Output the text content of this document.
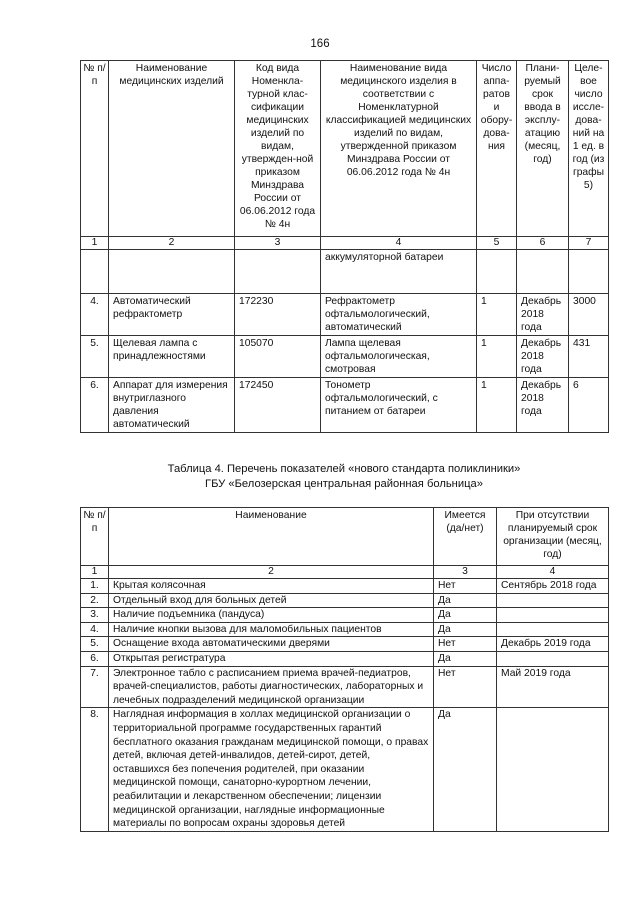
166
№ п/п	Наименование медицинских изделий	Код вида Номенкла-турной клас-сификации медицинских изделий по видам, утвержден-ной приказом Минздрава России от 06.06.2012 года № 4н	Наименование вида медицинского изделия в соответствии с Номенклатурной классификацией медицинских изделий по видам, утвержденной приказом Минздрава России от 06.06.2012 года № 4н	Число аппа-ратов и обору-дова-ния	Плани-руемый срок ввода в эксплу-атацию (месяц, год)	Целе-вое число иссле-дова-ний на 1 ед. в год (из графы 5)
1	2	3	4	5	6	7
			аккумуляторной батареи			
4.	Автоматический рефрактометр	172230	Рефрактометр офтальмологический, автоматический	1	Декабрь 2018 года	3000
5.	Щелевая лампа с принадлежностями	105070	Лампа щелевая офтальмологическая, смотровая	1	Декабрь 2018 года	431
6.	Аппарат для измерения внутриглазного давления автоматический	172450	Тонометр офтальмологический, с питанием от батареи	1	Декабрь 2018 года	6
Таблица 4. Перечень показателей «нового стандарта поликлиники»
ГБУ «Белозерская центральная районная больница»
№ п/п	Наименование	Имеется (да/нет)	При отсутствии планируемый срок организации (месяц, год)
1	2	3	4
1.	Крытая колясочная	Нет	Сентябрь 2018 года
2.	Отдельный вход для больных детей	Да	
3.	Наличие подъемника (пандуса)	Да	
4.	Наличие кнопки вызова для маломобильных пациентов	Да	
5.	Оснащение входа автоматическими дверями	Нет	Декабрь 2019 года
6.	Открытая регистратура	Да	
7.	Электронное табло с расписанием приема врачей-педиатров, врачей-специалистов, работы диагностических, лабораторных и лечебных подразделений медицинской организации	Нет	Май 2019 года
8.	Наглядная информация в холлах медицинской организации о территориальной программе государственных гарантий бесплатного оказания гражданам медицинской помощи, о правах детей, включая детей-инвалидов, детей-сирот, детей, оставшихся без попечения родителей, при оказании медицинской помощи, санаторно-курортном лечении, реабилитации и лекарственном обеспечении; лицензии медицинской организации, наглядные информационные материалы по вопросам охраны здоровья детей	Да	
